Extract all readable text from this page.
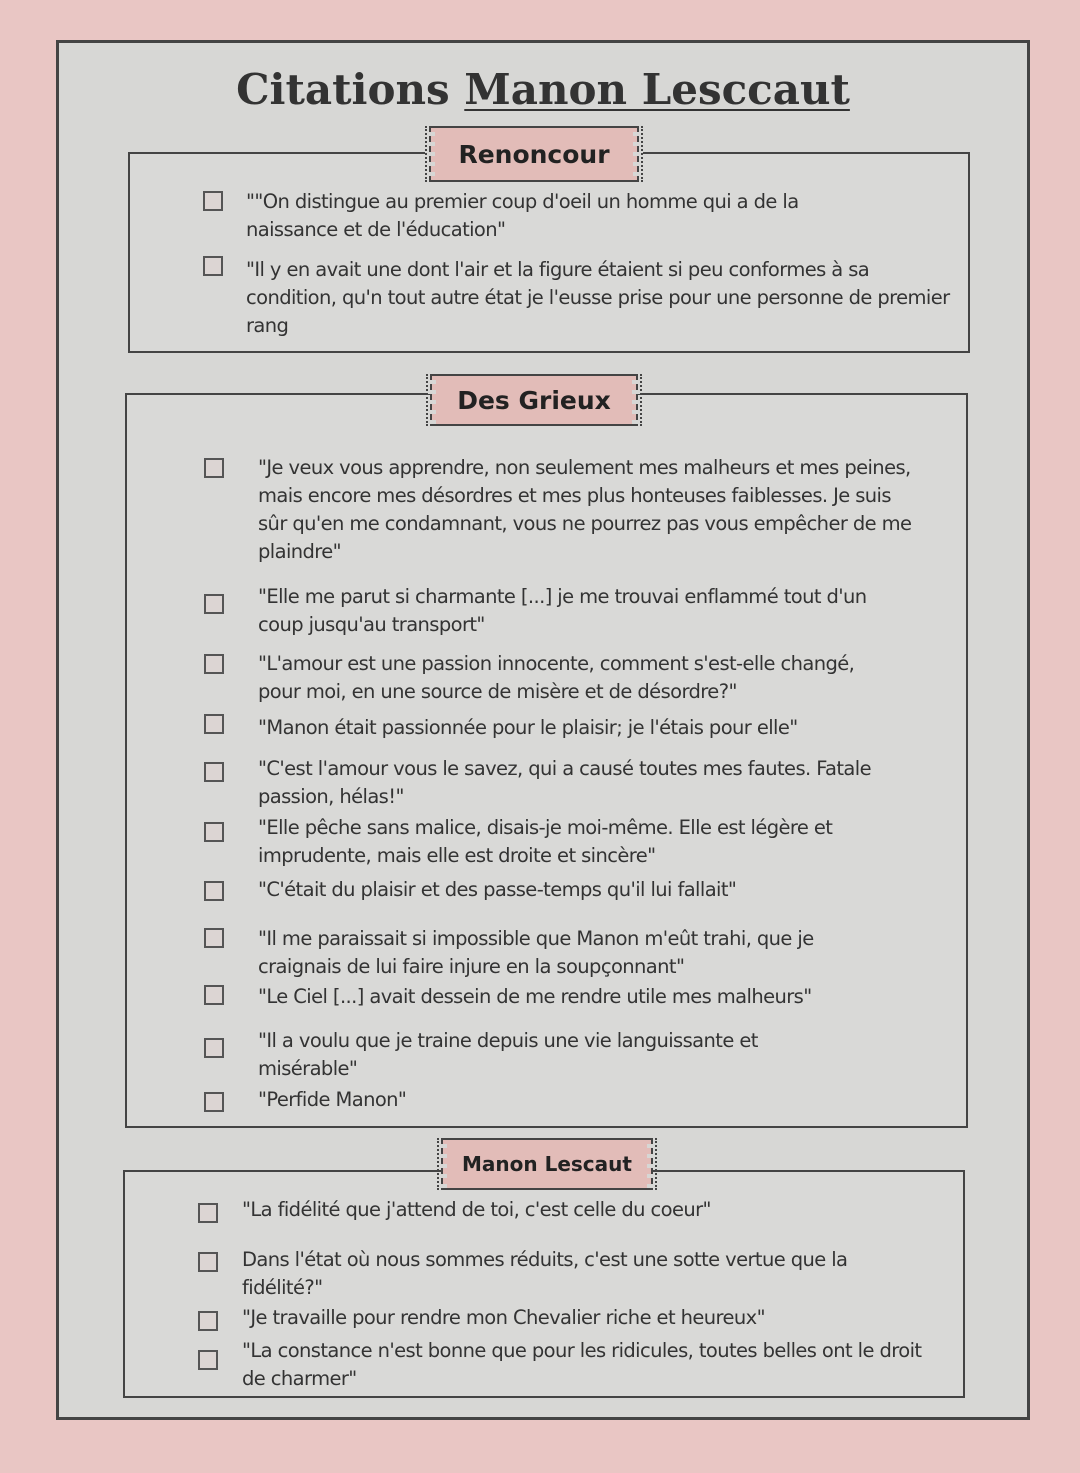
Citations Manon Lesccaut
Renoncour
""On distingue au premier coup d'oeil un homme qui a de la naissance et de l'éducation"
"Il y en avait une dont l'air et la figure étaient si peu conformes à sa condition, qu'n tout autre état je l'eusse prise pour une personne de premier rang
Des Grieux
"Je veux vous apprendre, non seulement mes malheurs et mes peines, mais encore mes désordres et mes plus honteuses faiblesses. Je suis sûr qu'en me condamnant, vous ne pourrez pas vous empêcher de me plaindre"
"Elle me parut si charmante [...] je me trouvai enflammé tout d'un coup jusqu'au transport"
"L'amour est une passion innocente, comment s'est-elle changé, pour moi, en une source de misère et de désordre?"
"Manon était passionnée pour le plaisir; je l'étais pour elle"
"C'est l'amour vous le savez, qui a causé toutes mes fautes. Fatale passion, hélas!"
"Elle pêche sans malice, disais-je moi-même. Elle est légère et imprudente, mais elle est droite et sincère"
"C'était du plaisir et des passe-temps qu'il lui fallait"
"Il me paraissait si impossible que Manon m'eût trahi, que je craignais de lui faire injure en la soupçonnant"
"Le Ciel [...] avait dessein de me rendre utile mes malheurs"
"Il a voulu que je traine depuis une vie languissante et misérable"
"Perfide Manon"
Manon Lescaut
"La fidélité que j'attend de toi, c'est celle du coeur"
Dans l'état où nous sommes réduits, c'est une sotte vertue que la fidélité?"
"Je travaille pour rendre mon Chevalier riche et heureux"
"La constance n'est bonne que pour les ridicules, toutes belles ont le droit de charmer"
